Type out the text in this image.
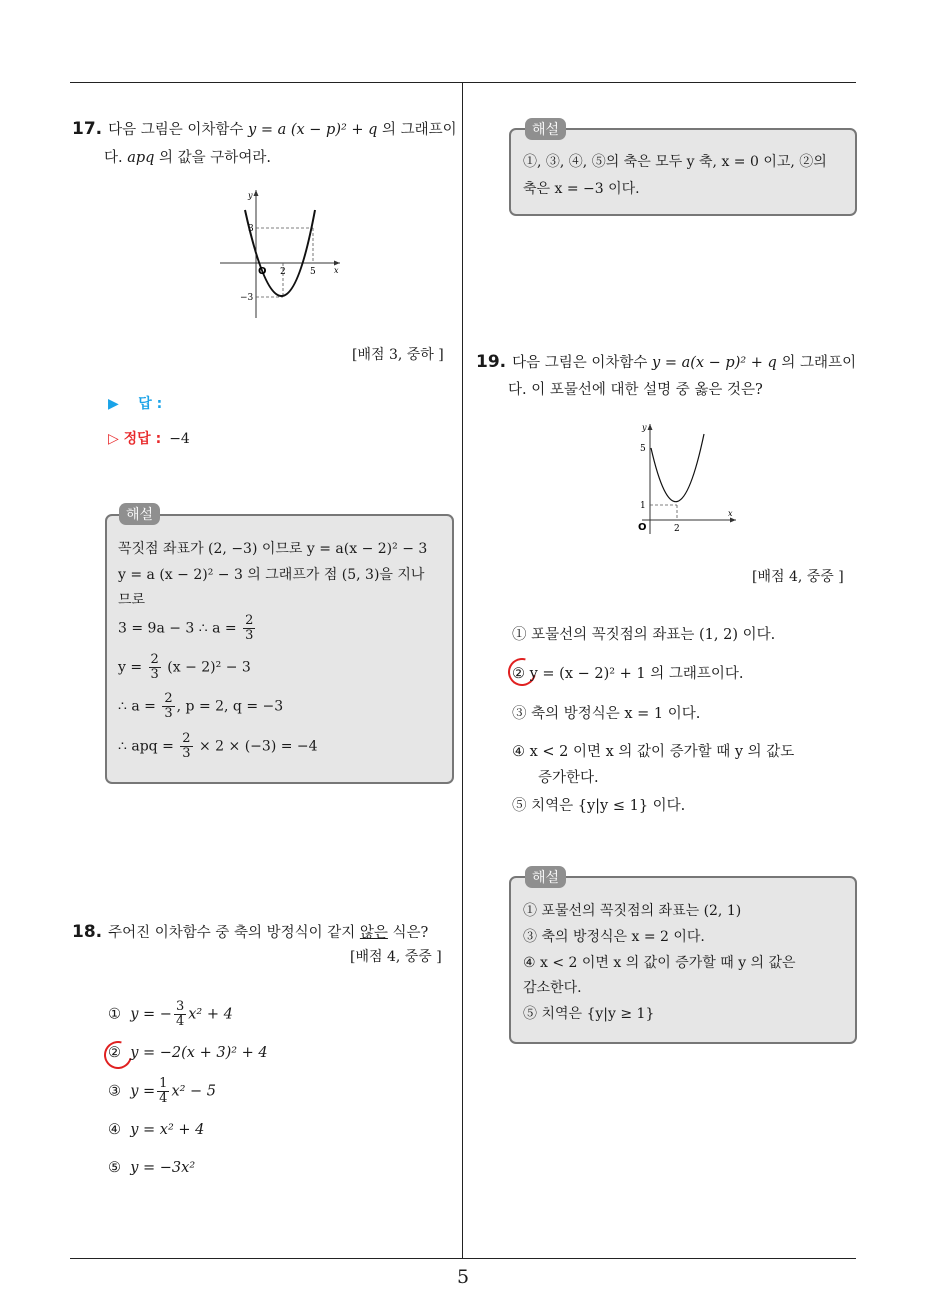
17. 다음 그림은 이차함수 y = a (x − p)² + q 의 그래프이
다. apq 의 값을 구하여라.
y
x
O
3
−3
2	5
[배점 3, 중하 ]
▶ 답 :
▷ 정답 : −4
해설
꼭짓점 좌표가 (2, −3) 이므로 y = a(x − 2)² − 3
y = a (x − 2)² − 3 의 그래프가 점 (5, 3)을 지나
므로
3 = 9a − 3 ∴ $a = \frac{2}{3}$
$y = \frac{2}{3} (x - 2)^2 - 3$
∴ $a = \frac{2}{3}$ , p = 2, q = −3
∴ apq = $\frac{2}{3} \times 2 \times (-3) = -4$
18. 주어진 이차함수 중 축의 방정식이 같지 않은 식은?
[배점 4, 중중 ]
① y = − $\frac{3}{4} x^2 + 4$
② y = −2(x + 3)² + 4
③ $y = \frac{1}{4} x^2 - 5$
④ y = x² + 4
⑤ y = −3x²
해설
①, ③, ④, ⑤의 축은 모두 y 축, x = 0 이고, ②의
축은 x = −3 이다.
19. 다음 그림은 이차함수 y = a(x − p)² + q 의 그래프이
다. 이 포물선에 대한 설명 중 옳은 것은?
y
x
O
5
1
2
[배점 4, 중중 ]
① 포물선의 꼭짓점의 좌표는 (1, 2) 이다.
② y = (x − 2)² + 1 의 그래프이다.
③ 축의 방정식은 x = 1 이다.
④ x < 2 이면 x 의 값이 증가할 때 y 의 값도
증가한다.
⑤ 치역은 {y|y ≤ 1} 이다.
해설
① 포물선의 꼭짓점의 좌표는 (2, 1)
③ 축의 방정식은 x = 2 이다.
④ x < 2 이면 x 의 값이 증가할 때 y 의 값은
감소한다.
⑤ 치역은 {y|y ≥ 1}
5
